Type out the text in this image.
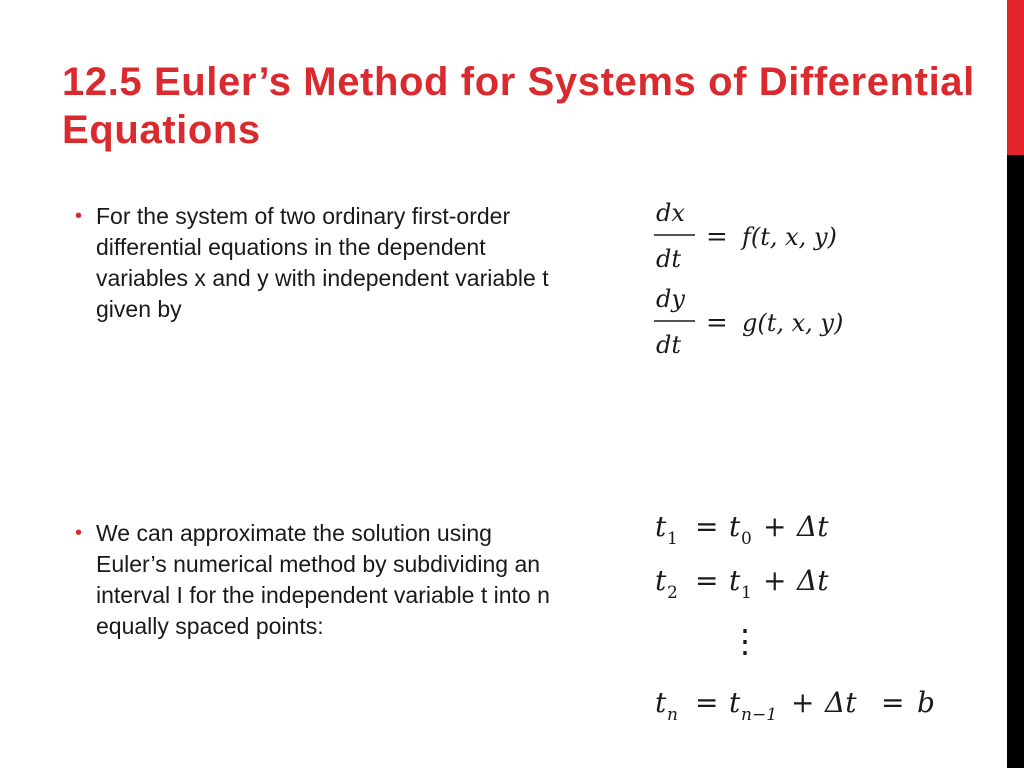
12.5 Euler’s Method for Systems of Differential Equations
• For the system of two ordinary first-order differential equations in the dependent variables x and y with independent variable t given by
• We can approximate the solution using Euler’s numerical method by subdividing an interval I for the independent variable t into n equally spaced points:
dx
dt
= f(t, x, y)
dy
dt
= g(t, x, y)
t 1 = t 0 + Δt
t 2 = t 1 + Δt
⋮
t n = t n−1 + Δt = b
